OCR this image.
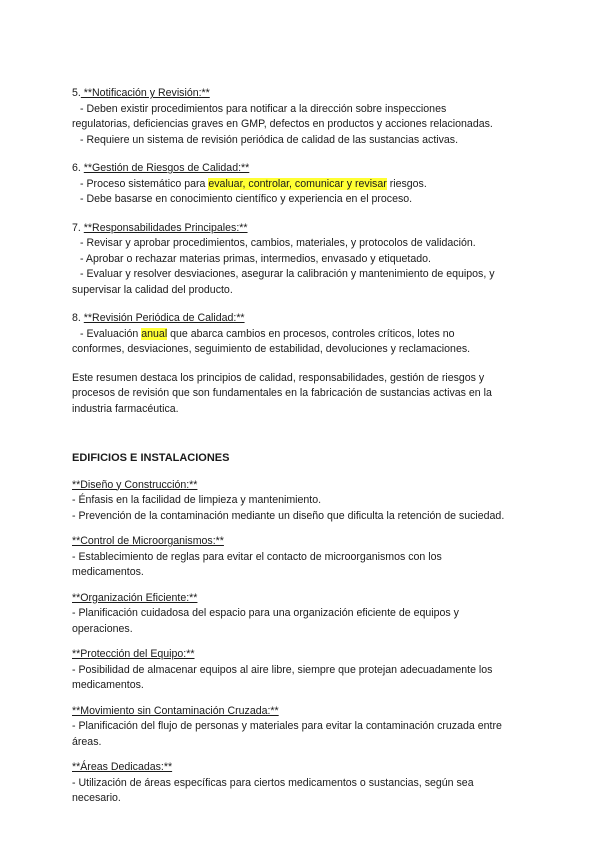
5. **Notificación y Revisión:**

- Deben existir procedimientos para notificar a la dirección sobre inspecciones

regulatorias, deficiencias graves en GMP, defectos en productos y acciones relacionadas.

- Requiere un sistema de revisión periódica de calidad de las sustancias activas.

6. **Gestión de Riesgos de Calidad:**

- Proceso sistemático para evaluar, controlar, comunicar y revisar riesgos.

- Debe basarse en conocimiento científico y experiencia en el proceso.

7. **Responsabilidades Principales:**

- Revisar y aprobar procedimientos, cambios, materiales, y protocolos de validación.

- Aprobar o rechazar materias primas, intermedios, envasado y etiquetado.

- Evaluar y resolver desviaciones, asegurar la calibración y mantenimiento de equipos, y

supervisar la calidad del producto.

8. **Revisión Periódica de Calidad:**

- Evaluación anual que abarca cambios en procesos, controles críticos, lotes no

conformes, desviaciones, seguimiento de estabilidad, devoluciones y reclamaciones.

Este resumen destaca los principios de calidad, responsabilidades, gestión de riesgos y

procesos de revisión que son fundamentales en la fabricación de sustancias activas en la

industria farmacéutica.

EDIFICIOS E INSTALACIONES

**Diseño y Construcción:**

- Énfasis en la facilidad de limpieza y mantenimiento.

- Prevención de la contaminación mediante un diseño que dificulta la retención de suciedad.

**Control de Microorganismos:**

- Establecimiento de reglas para evitar el contacto de microorganismos con los

medicamentos.

**Organización Eficiente:**

- Planificación cuidadosa del espacio para una organización eficiente de equipos y

operaciones.

**Protección del Equipo:**

- Posibilidad de almacenar equipos al aire libre, siempre que protejan adecuadamente los

medicamentos.

**Movimiento sin Contaminación Cruzada:**

- Planificación del flujo de personas y materiales para evitar la contaminación cruzada entre

áreas.

**Áreas Dedicadas:**

- Utilización de áreas específicas para ciertos medicamentos o sustancias, según sea

necesario.
